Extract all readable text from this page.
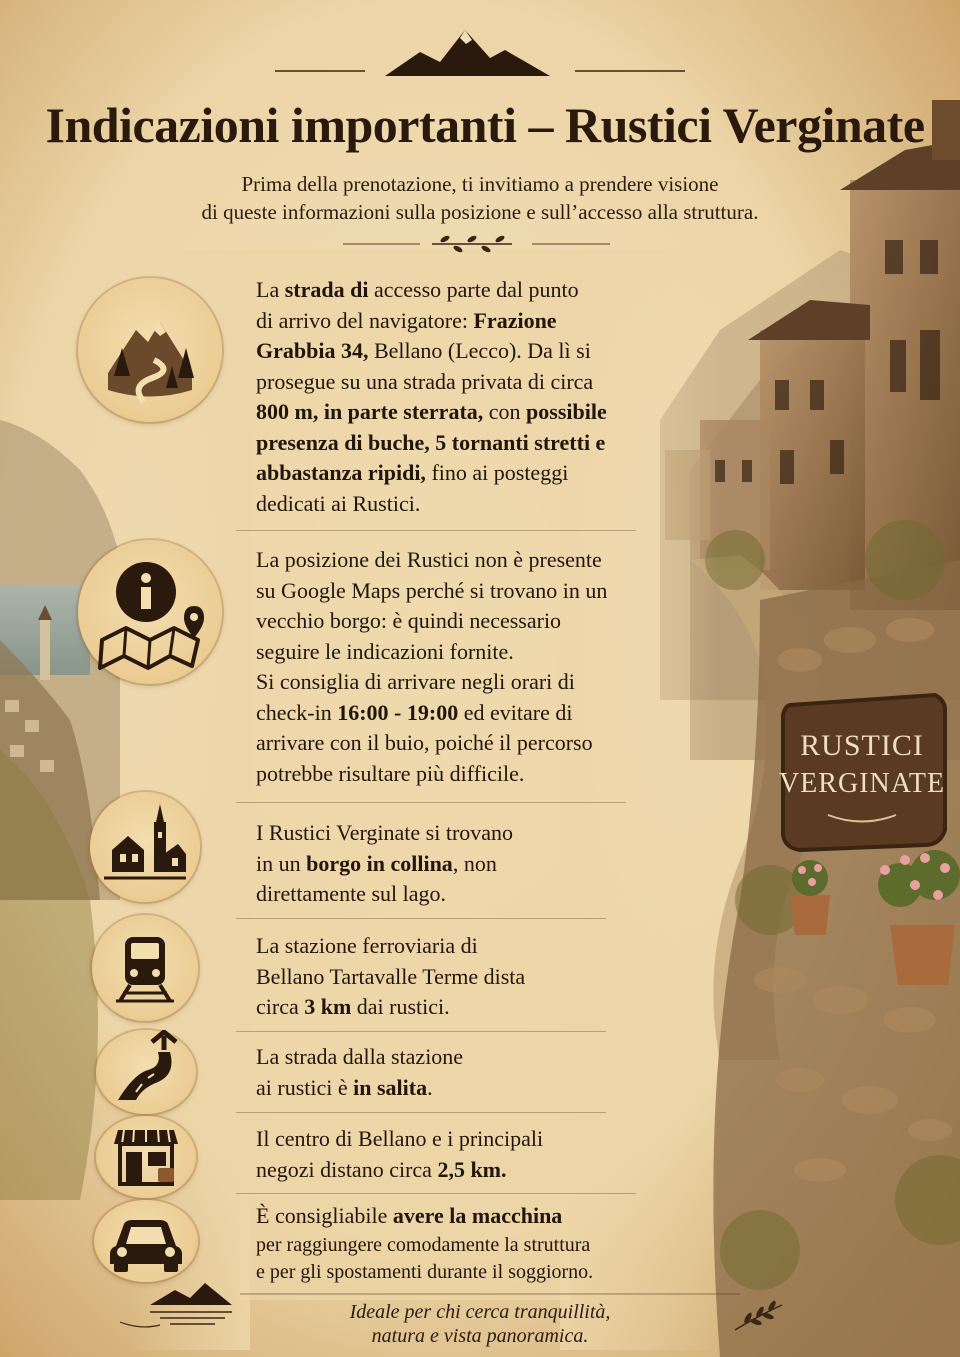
RUSTICI
VERGINATE
Indicazioni importanti – Rustici Verginate
Prima della prenotazione, ti invitiamo a prendere visione
di queste informazioni sulla posizione e sull’accesso alla struttura.
La strada di accesso parte dal punto
di arrivo del navigatore: Frazione
Grabbia 34, Bellano (Lecco). Da lì si
prosegue su una strada privata di circa
800 m, in parte sterrata, con possibile
presenza di buche, 5 tornanti stretti e
abbastanza ripidi, fino ai posteggi
dedicati ai Rustici.
La posizione dei Rustici non è presente
su Google Maps perché si trovano in un
vecchio borgo: è quindi necessario
seguire le indicazioni fornite.
Si consiglia di arrivare negli orari di
check-in 16:00 - 19:00 ed evitare di
arrivare con il buio, poiché il percorso
potrebbe risultare più difficile.
I Rustici Verginate si trovano
in un borgo in collina, non
direttamente sul lago.
La stazione ferroviaria di
Bellano Tartavalle Terme dista
circa 3 km dai rustici.
La strada dalla stazione
ai rustici è in salita.
Il centro di Bellano e i principali
negozi distano circa 2,5 km.
È consigliabile avere la macchina
per raggiungere comodamente la struttura
e per gli spostamenti durante il soggiorno.
Ideale per chi cerca tranquillità,
natura e vista panoramica.
